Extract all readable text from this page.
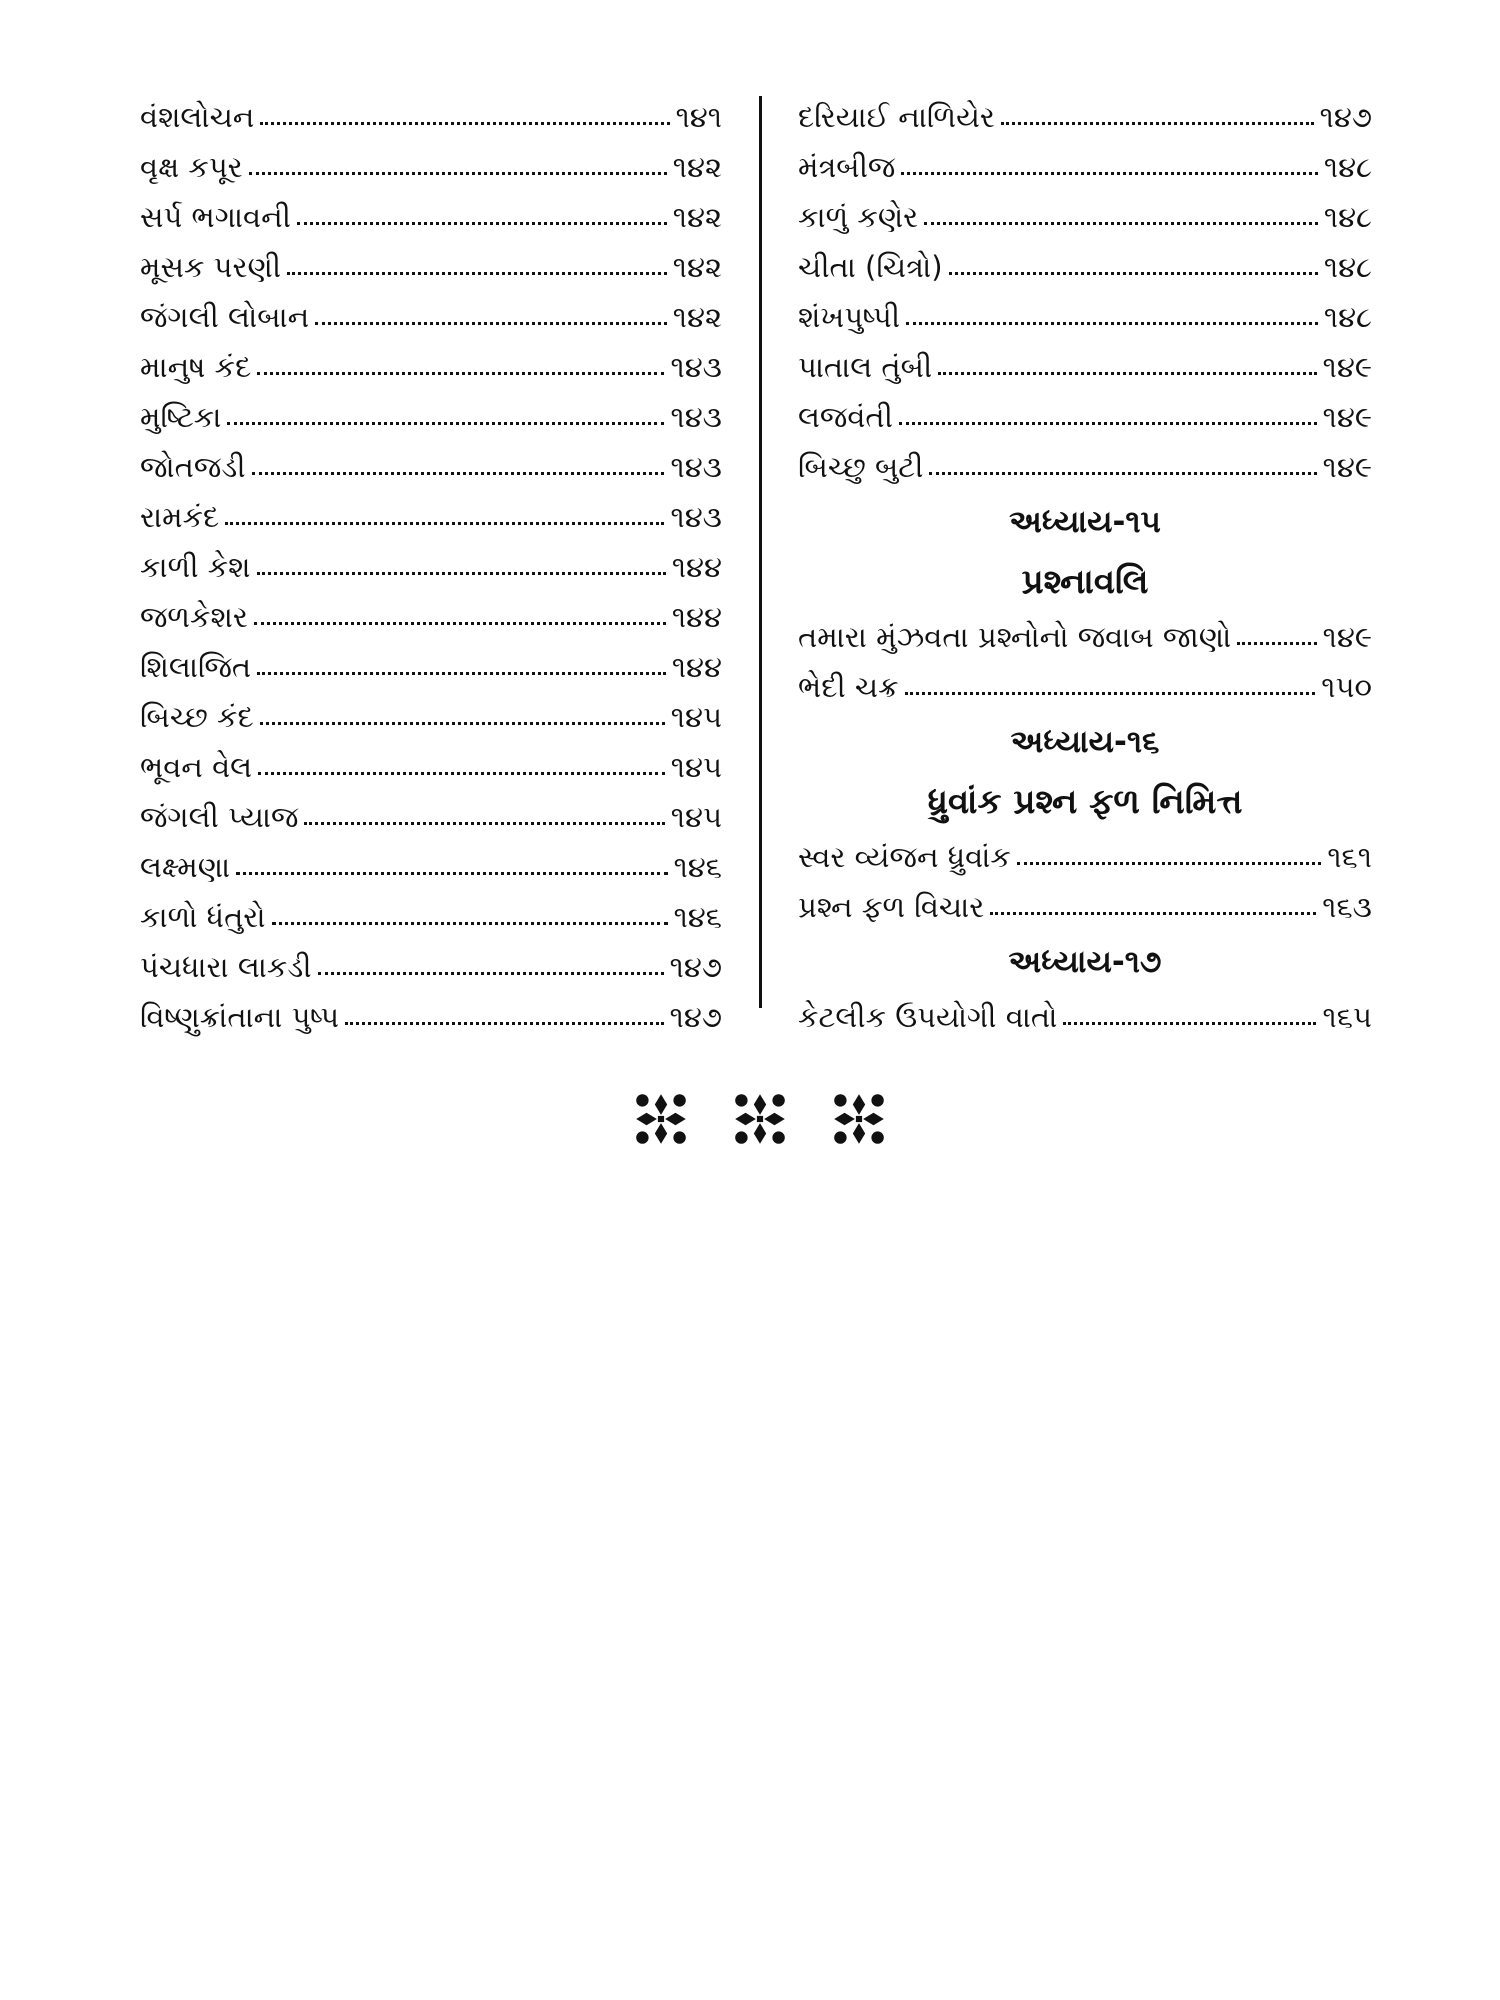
વંશલોચન	૧૪૧
વૃક્ષ કપૂર	૧૪૨
સર્પ ભગાવની	૧૪૨
મૂસક પરણી	૧૪૨
જંગલી લોબાન	૧૪૨
માનુષ કંદ	૧૪૩
મુષ્ટિકા	૧૪૩
જોતજડી	૧૪૩
રામકંદ	૧૪૩
કાળી કેશ	૧૪૪
જળકેશર	૧૪૪
શિલાજિત	૧૪૪
બિચ્છ કંદ	૧૪૫
ભૂવન વેલ	૧૪૫
જંગલી પ્યાજ	૧૪૫
લક્ષ્મણા	૧૪૬
કાળો ધંતુરો	૧૪૬
પંચધારા લાકડી	૧૪૭
વિષ્ણુક્રાંતાના પુષ્પ	૧૪૭
દરિયાઈ નાળિયેર	૧૪૭
મંત્રબીજ	૧૪૮
કાળું કણેર	૧૪૮
ચીતા (ચિત્રો)	૧૪૮
શંખપુષ્પી	૧૪૮
પાતાલ તુંબી	૧૪૯
લજવંતી	૧૪૯
બિચ્છુ બુટી	૧૪૯
અધ્યાય-૧૫
પ્રશ્નાવલિ
તમારા મુંઝવતા પ્રશ્નોનો જવાબ જાણો	૧૪૯
ભેદી ચક્ર	૧૫૦
અધ્યાય-૧૬
ધ્રુવાંક પ્રશ્ન ફળ નિમિત્ત
સ્વર વ્યંજન ધ્રુવાંક	૧૬૧
પ્રશ્ન ફળ વિચાર	૧૬૩
અધ્યાય-૧૭
કેટલીક ઉપયોગી વાતો	૧૬૫
